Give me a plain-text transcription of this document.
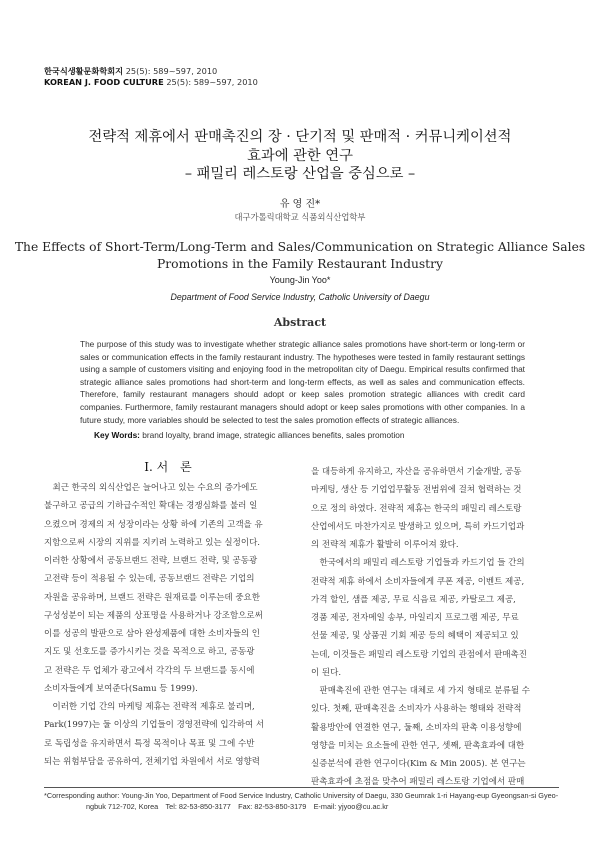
한국식생활문화학회지 25(5): 589~597, 2010
KOREAN J. FOOD CULTURE 25(5): 589~597, 2010
전략적 제휴에서 판매촉진의 장 · 단기적 및 판매적 · 커뮤니케이션적
효과에 관한 연구
– 패밀리 레스토랑 산업을 중심으로 –
유 영 진*
대구가톨릭대학교 식품외식산업학부
The Effects of Short-Term/Long-Term and Sales/Communication on Strategic Alliance Sales
Promotions in the Family Restaurant Industry
Young-Jin Yoo*
Department of Food Service Industry, Catholic University of Daegu
Abstract
The purpose of this study was to investigate whether strategic alliance sales promotions have short-term or long-term or sales or communication effects in the family restaurant industry. The hypotheses were tested in family restaurant settings using a sample of customers visiting and enjoying food in the metropolitan city of Daegu. Empirical results confirmed that strategic alliance sales promotions had short-term and long-term effects, as well as sales and communication effects. Therefore, family restaurant managers should adopt or keep sales promotion strategic alliances with credit card companies. Furthermore, family restaurant managers should adopt or keep sales promotions with other companies. In a future study, more variables should be selected to test the sales promotion effects of strategic alliances.
Key Words: brand loyalty, brand image, strategic alliances benefits, sales promotion
I. 서　론
　최근 한국의 외식산업은 늘어나고 있는 수요의 증가에도
불구하고 공급의 기하급수적인 확대는 경쟁심화를 불러 일
으켰으며 경제의 저 성장이라는 상황 하에 기존의 고객을 유
지함으로써 시장의 지위를 지키려 노력하고 있는 실정이다.
이러한 상황에서 공동브랜드 전략, 브랜드 전략, 및 공동광
고전략 등이 적용될 수 있는데, 공동브랜드 전략은 기업의
자원을 공유하며, 브랜드 전략은 원재료를 이루는데 중요한
구성성분이 되는 제품의 상표명을 사용하거나 강조함으로써
이를 성공의 발판으로 삼아 완성제품에 대한 소비자들의 인
지도 및 선호도를 증가시키는 것을 목적으로 하고, 공동광
고 전략은 두 업체가 광고에서 각각의 두 브랜드를 동시에
소비자들에게 보여준다(Samu 등 1999).
　이러한 기업 간의 마케팅 제휴는 전략적 제휴로 불리며,
Park(1997)는 둘 이상의 기업들이 경영전략에 입각하여 서
로 독립성을 유지하면서 특정 목적이나 목표 및 그에 수반
되는 위험부담을 공유하여, 전체기업 차원에서 서로 영향력
을 대등하게 유지하고, 자산을 공유하면서 기술개발, 공동
마케팅, 생산 등 기업업무활동 전범위에 걸쳐 협력하는 것
으로 정의 하였다. 전략적 제휴는 한국의 패밀리 레스토랑
산업에서도 마찬가지로 발생하고 있으며, 특히 카드기업과
의 전략적 제휴가 활발히 이루어져 왔다.
　한국에서의 패밀리 레스토랑 기업들과 카드기업 들 간의
전략적 제휴 하에서 소비자들에게 쿠폰 제공, 이벤트 제공,
가격 할인, 샘플 제공, 무료 식음료 제공, 카탈로그 제공,
경품 제공, 전자메일 송부, 마일리지 프로그램 제공, 무료
선물 제공, 및 상품권 기회 제공 등의 혜택이 제공되고 있
는데, 이것들은 패밀리 레스토랑 기업의 관점에서 판매촉진
이 된다.
　판매촉진에 관한 연구는 대체로 세 가지 형태로 분류될 수
있다. 첫째, 판매촉진을 소비자가 사용하는 행태와 전략적
활용방안에 연결한 연구, 둘째, 소비자의 판촉 이용성향에
영향을 미치는 요소들에 관한 연구, 셋째, 판촉효과에 대한
실증분석에 관한 연구이다(Kim & Min 2005). 본 연구는
판촉효과에 초점을 맞추어 패밀리 레스토랑 기업에서 판매
*Corresponding author: Young-Jin Yoo, Department of Food Service Industry, Catholic University of Daegu, 330 Geumrak 1-ri Hayang-eup Gyeongsan-si Gyeo-
ngbuk 712-702, Korea　Tel: 82-53-850-3177　Fax: 82-53-850-3179　E-mail: yjyoo@cu.ac.kr
